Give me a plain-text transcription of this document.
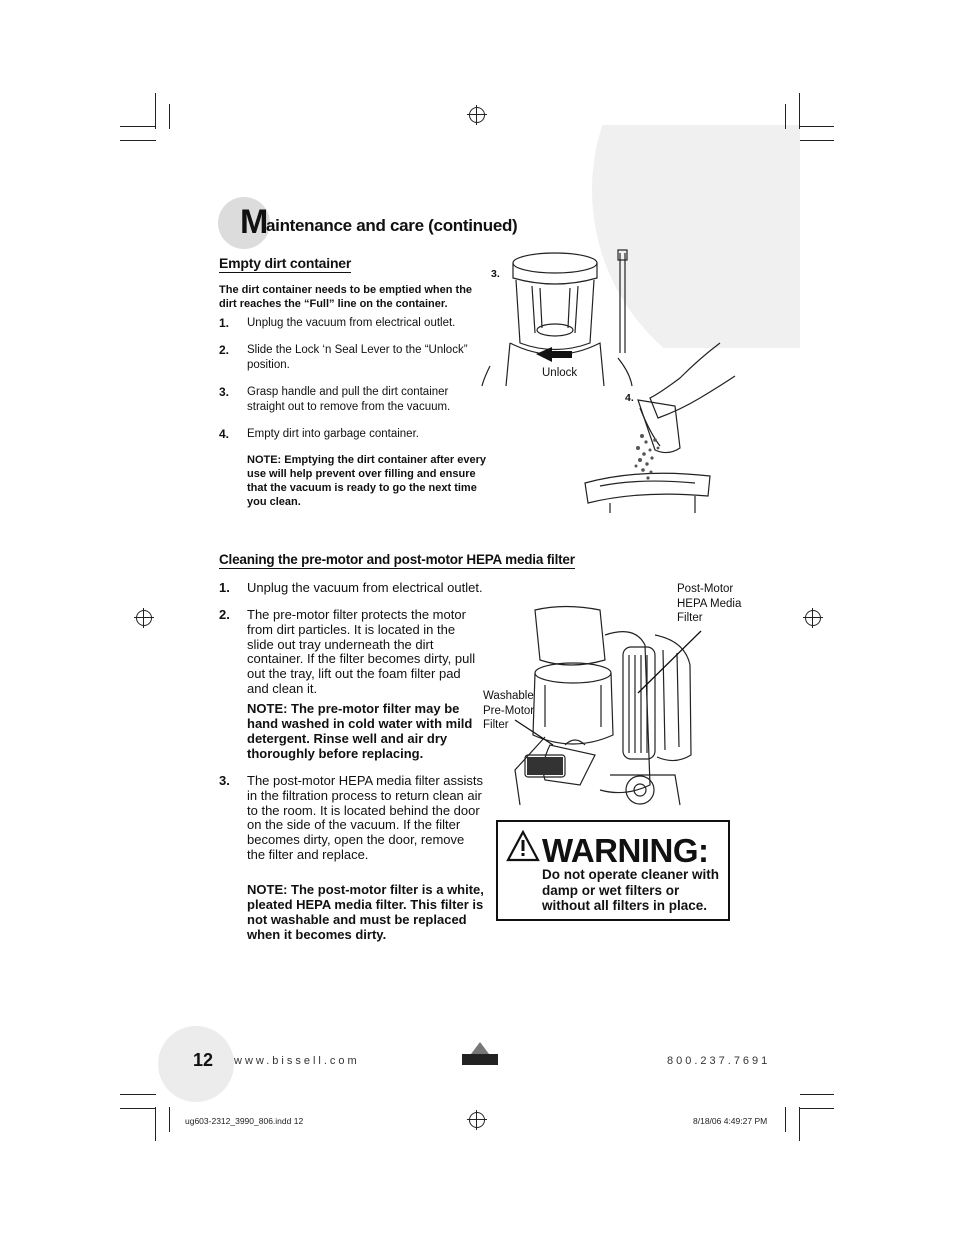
M
aintenance and care (continued)
Empty dirt container
The dirt container needs to be emptied when the dirt reaches the “Full” line on the container.
1. Unplug the vacuum from electrical outlet.
2. Slide the Lock ‘n Seal Lever to the “Unlock” position.
3. Grasp handle and pull the dirt container straight out to remove from the vacuum.
4. Empty dirt into garbage container.
NOTE: Emptying the dirt container after every use will help prevent over filling and ensure that the vacuum is ready to go the next time you clean.
3.
Unlock
4.
Cleaning the pre-motor and post-motor HEPA media filter
1. Unplug the vacuum from electrical outlet.
2. The pre-motor filter protects the motor from dirt particles. It is located in the slide out tray underneath the dirt container. If the filter becomes dirty, pull out the tray, lift out the foam filter pad and clean it.
NOTE: The pre-motor filter may be hand washed in cold water with mild detergent. Rinse well and air dry thoroughly before replacing.
3. The post-motor HEPA media filter assists in the filtration process to return clean air to the room. It is located behind the door on the side of the vacuum. If the filter becomes dirty, open the door, remove the filter and replace.
NOTE: The post-motor filter is a white, pleated HEPA media filter. This filter is not washable and must be replaced when it becomes dirty.
Post-Motor HEPA Media Filter
Washable Pre-Motor Filter
WARNING:
Do not operate cleaner with damp or wet filters or without all filters in place.
12 www.bissell.com	800.237.7691
ug603-2312_3990_806.indd 12	8/18/06 4:49:27 PM
